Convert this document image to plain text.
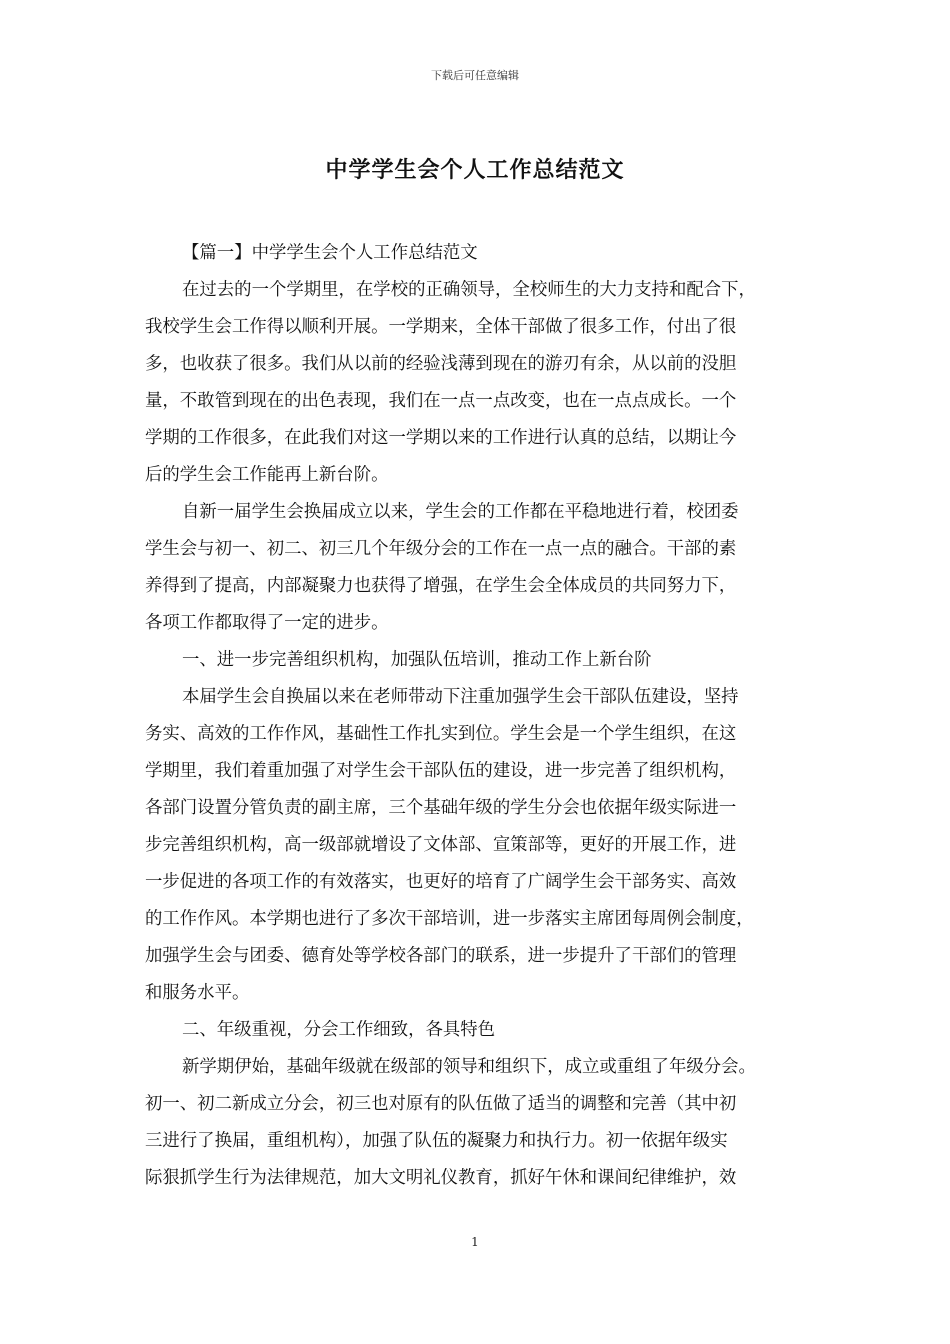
下载后可任意编辑
中学学生会个人工作总结范文
【篇一】中学学生会个人工作总结范文
在过去的一个学期里，在学校的正确领导，全校师生的大力支持和配合下，
我校学生会工作得以顺利开展。一学期来，全体干部做了很多工作，付出了很
多，也收获了很多。我们从以前的经验浅薄到现在的游刃有余，从以前的没胆
量，不敢管到现在的出色表现，我们在一点一点改变，也在一点点成长。一个
学期的工作很多，在此我们对这一学期以来的工作进行认真的总结，以期让今
后的学生会工作能再上新台阶。
自新一届学生会换届成立以来，学生会的工作都在平稳地进行着，校团委
学生会与初一、初二、初三几个年级分会的工作在一点一点的融合。干部的素
养得到了提高，内部凝聚力也获得了增强，在学生会全体成员的共同努力下，
各项工作都取得了一定的进步。
一、进一步完善组织机构，加强队伍培训，推动工作上新台阶
本届学生会自换届以来在老师带动下注重加强学生会干部队伍建设，坚持
务实、高效的工作作风，基础性工作扎实到位。学生会是一个学生组织，在这
学期里，我们着重加强了对学生会干部队伍的建设，进一步完善了组织机构，
各部门设置分管负责的副主席，三个基础年级的学生分会也依据年级实际进一
步完善组织机构，高一级部就增设了文体部、宣策部等，更好的开展工作，进
一步促进的各项工作的有效落实，也更好的培育了广阔学生会干部务实、高效
的工作作风。本学期也进行了多次干部培训，进一步落实主席团每周例会制度，
加强学生会与团委、德育处等学校各部门的联系，进一步提升了干部们的管理
和服务水平。
二、年级重视，分会工作细致，各具特色
新学期伊始，基础年级就在级部的领导和组织下，成立或重组了年级分会。
初一、初二新成立分会，初三也对原有的队伍做了适当的调整和完善（其中初
三进行了换届，重组机构），加强了队伍的凝聚力和执行力。初一依据年级实
际狠抓学生行为法律规范，加大文明礼仪教育，抓好午休和课间纪律维护，效
1
